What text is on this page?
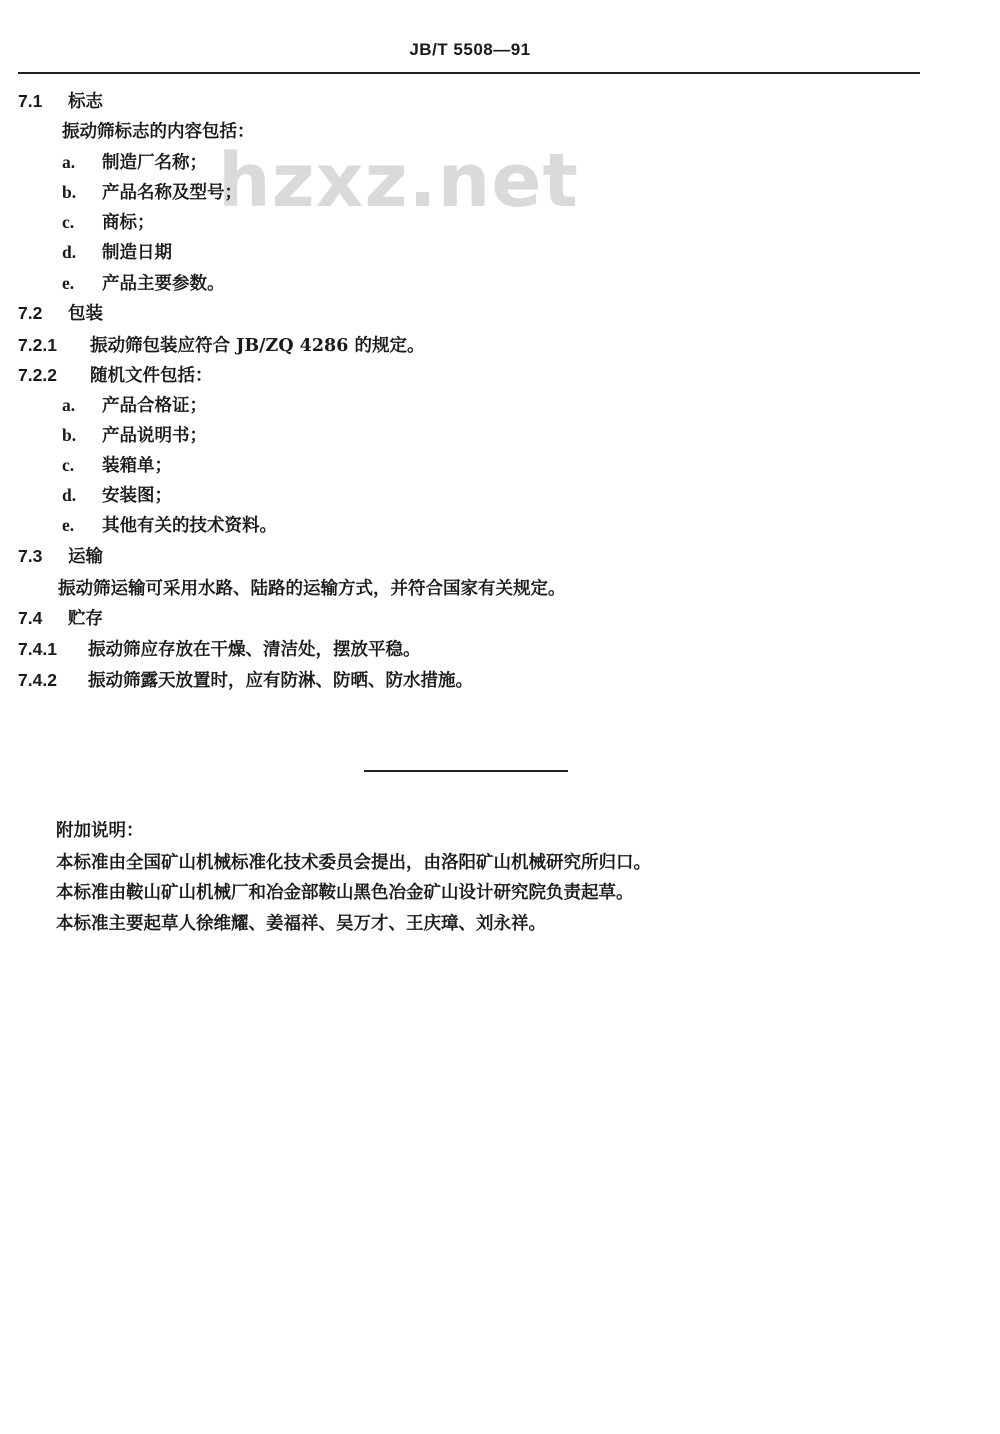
JB/T 5508—91
hzxz.net
7.1 标志
振动筛标志的内容包括：
a. 制造厂名称；
b. 产品名称及型号；
c. 商标；
d. 制造日期
e. 产品主要参数。
7.2 包装
7.2.1 振动筛包装应符合 JB/ZQ 4286 的规定。
7.2.2 随机文件包括：
a. 产品合格证；
b. 产品说明书；
c. 装箱单；
d. 安装图；
e. 其他有关的技术资料。
7.3 运输
振动筛运输可采用水路、陆路的运输方式，并符合国家有关规定。
7.4 贮存
7.4.1 振动筛应存放在干燥、清洁处，摆放平稳。
7.4.2 振动筛露天放置时，应有防淋、防晒、防水措施。
附加说明：
本标准由全国矿山机械标准化技术委员会提出，由洛阳矿山机械研究所归口。
本标准由鞍山矿山机械厂和冶金部鞍山黑色冶金矿山设计研究院负责起草。
本标准主要起草人徐维耀、姜福祥、吴万才、王庆璋、刘永祥。
